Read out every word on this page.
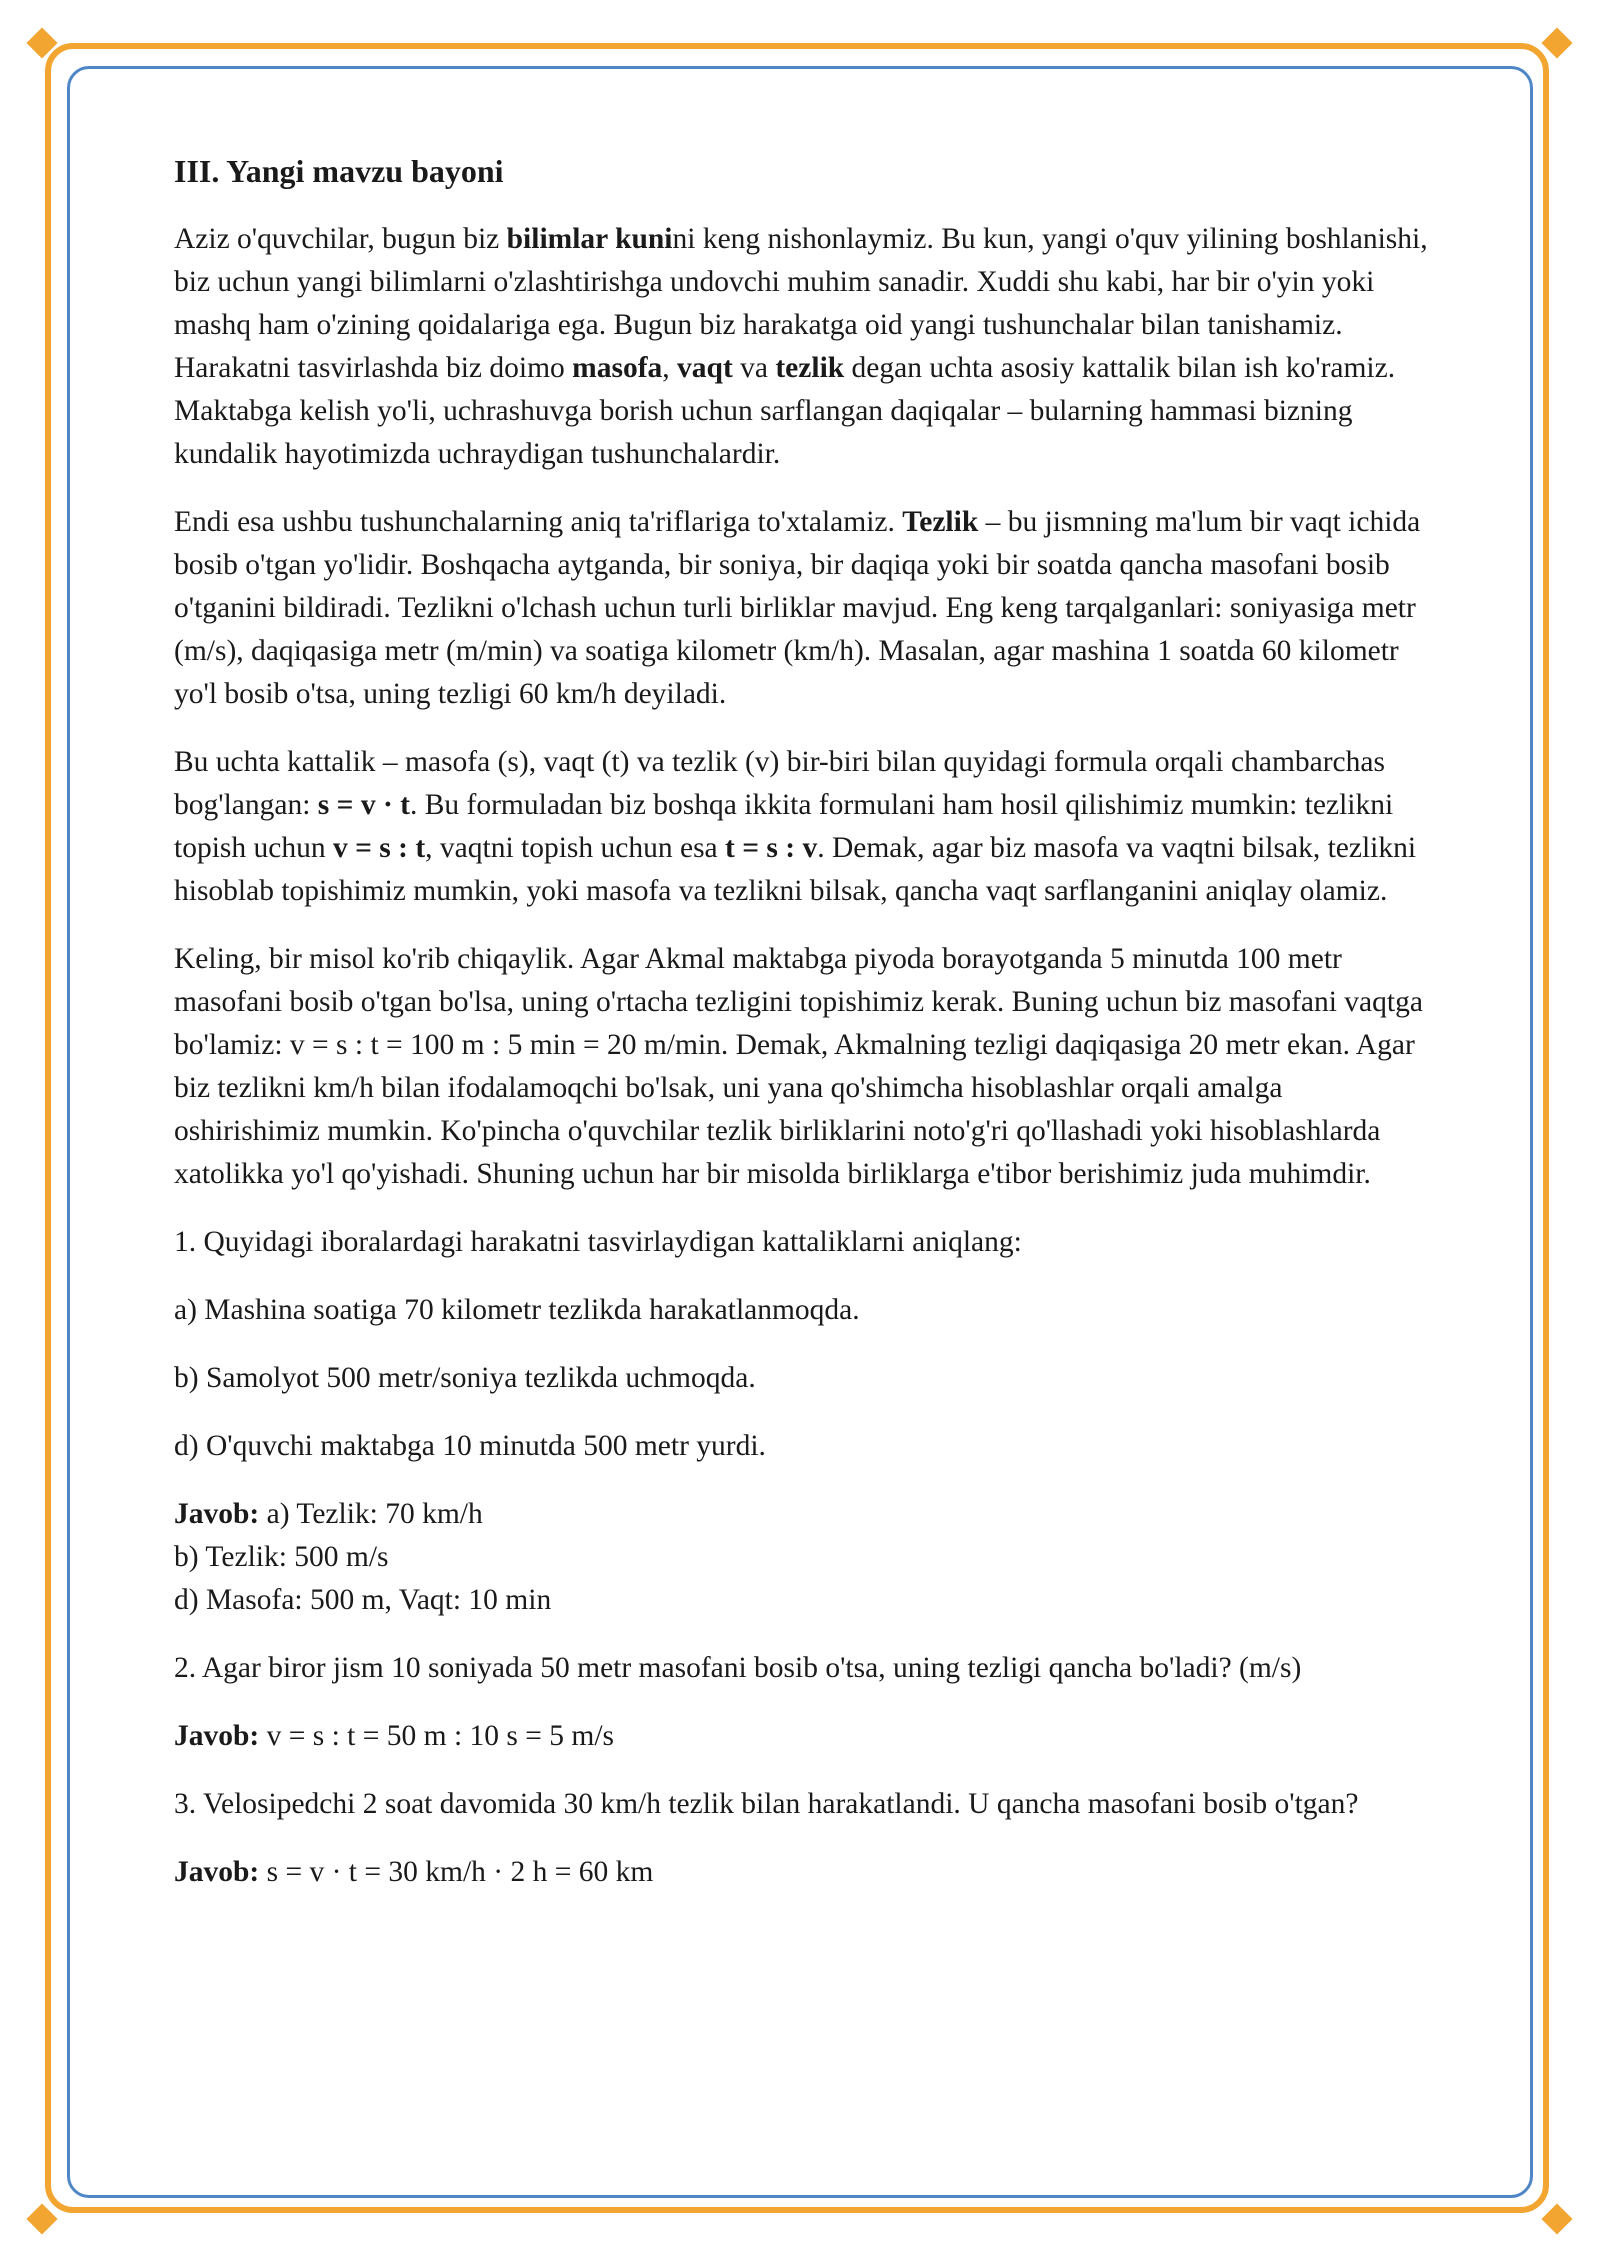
III. Yangi mavzu bayoni

Aziz o'quvchilar, bugun biz bilimlar kunini keng nishonlaymiz. Bu kun, yangi o'quv yilining boshlanishi, biz uchun yangi bilimlarni o'zlashtirishga undovchi muhim sanadir. Xuddi shu kabi, har bir o'yin yoki mashq ham o'zining qoidalariga ega. Bugun biz harakatga oid yangi tushunchalar bilan tanishamiz. Harakatni tasvirlashda biz doimo masofa, vaqt va tezlik degan uchta asosiy kattalik bilan ish ko'ramiz. Maktabga kelish yo'li, uchrashuvga borish uchun sarflangan daqiqalar – bularning hammasi bizning kundalik hayotimizda uchraydigan tushunchalardir.

Endi esa ushbu tushunchalarning aniq ta'riflariga to'xtalamiz. Tezlik – bu jismning ma'lum bir vaqt ichida bosib o'tgan yo'lidir. Boshqacha aytganda, bir soniya, bir daqiqa yoki bir soatda qancha masofani bosib o'tganini bildiradi. Tezlikni o'lchash uchun turli birliklar mavjud. Eng keng tarqalganlari: soniyasiga metr (m/s), daqiqasiga metr (m/min) va soatiga kilometr (km/h). Masalan, agar mashina 1 soatda 60 kilometr yo'l bosib o'tsa, uning tezligi 60 km/h deyiladi.

Bu uchta kattalik – masofa (s), vaqt (t) va tezlik (v) bir-biri bilan quyidagi formula orqali chambarchas bog'langan: s = v · t. Bu formuladan biz boshqa ikkita formulani ham hosil qilishimiz mumkin: tezlikni topish uchun v = s : t, vaqtni topish uchun esa t = s : v. Demak, agar biz masofa va vaqtni bilsak, tezlikni hisoblab topishimiz mumkin, yoki masofa va tezlikni bilsak, qancha vaqt sarflanganini aniqlay olamiz.

Keling, bir misol ko'rib chiqaylik. Agar Akmal maktabga piyoda borayotganda 5 minutda 100 metr masofani bosib o'tgan bo'lsa, uning o'rtacha tezligini topishimiz kerak. Buning uchun biz masofani vaqtga bo'lamiz: v = s : t = 100 m : 5 min = 20 m/min. Demak, Akmalning tezligi daqiqasiga 20 metr ekan. Agar biz tezlikni km/h bilan ifodalamoqchi bo'lsak, uni yana qo'shimcha hisoblashlar orqali amalga oshirishimiz mumkin. Ko'pincha o'quvchilar tezlik birliklarini noto'g'ri qo'llashadi yoki hisoblashlarda xatolikka yo'l qo'yishadi. Shuning uchun har bir misolda birliklarga e'tibor berishimiz juda muhimdir.

1. Quyidagi iboralardagi harakatni tasvirlaydigan kattaliklarni aniqlang:

a) Mashina soatiga 70 kilometr tezlikda harakatlanmoqda.

b) Samolyot 500 metr/soniya tezlikda uchmoqda.

d) O'quvchi maktabga 10 minutda 500 metr yurdi.

Javob: a) Tezlik: 70 km/h
b) Tezlik: 500 m/s
d) Masofa: 500 m, Vaqt: 10 min

2. Agar biror jism 10 soniyada 50 metr masofani bosib o'tsa, uning tezligi qancha bo'ladi? (m/s)

Javob: v = s : t = 50 m : 10 s = 5 m/s

3. Velosipedchi 2 soat davomida 30 km/h tezlik bilan harakatlandi. U qancha masofani bosib o'tgan?

Javob: s = v · t = 30 km/h · 2 h = 60 km
